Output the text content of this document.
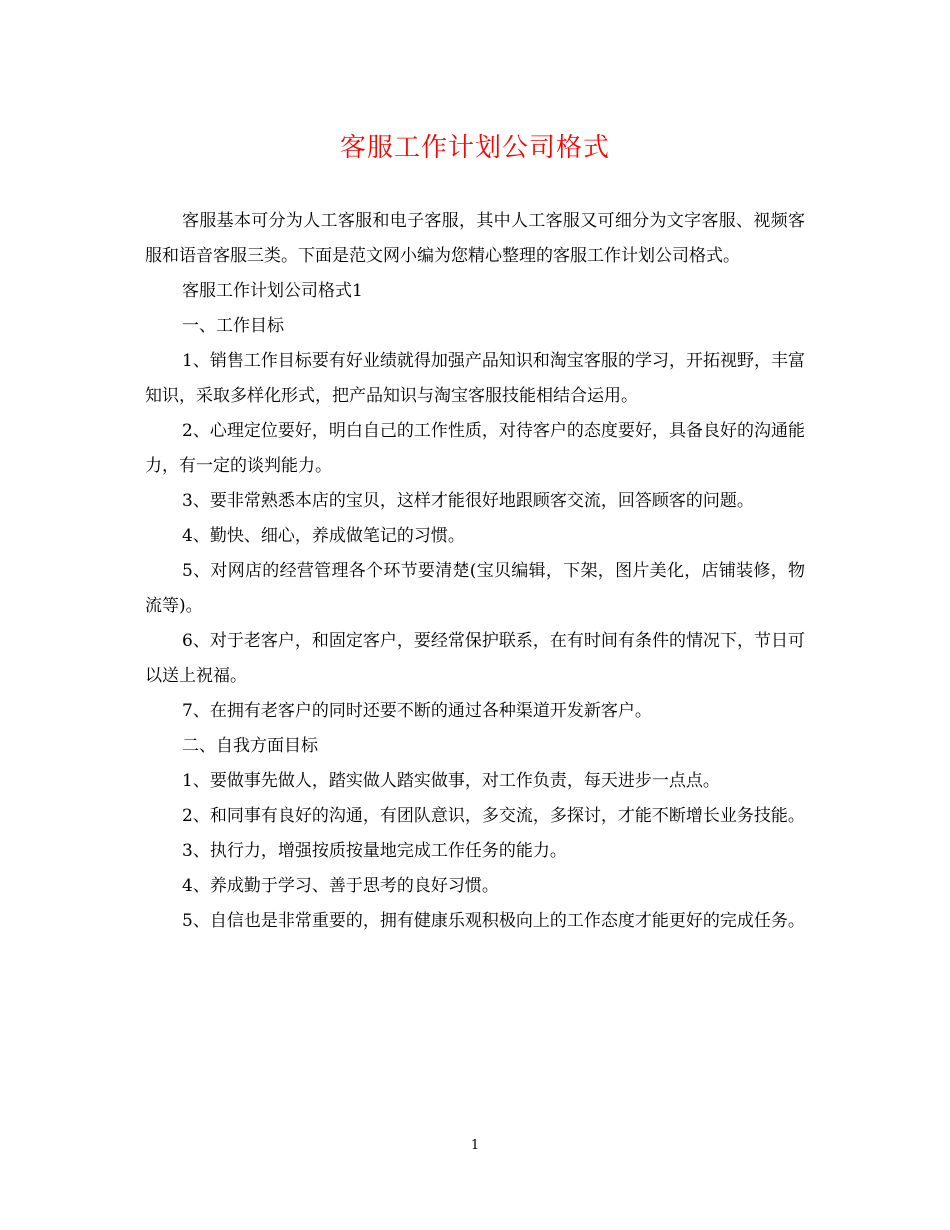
客服工作计划公司格式

客服基本可分为人工客服和电子客服，其中人工客服又可细分为文字客服、视频客服和语音客服三类。下面是范文网小编为您精心整理的客服工作计划公司格式。

客服工作计划公司格式1

一、工作目标

1、销售工作目标要有好业绩就得加强产品知识和淘宝客服的学习，开拓视野，丰富知识，采取多样化形式，把产品知识与淘宝客服技能相结合运用。

2、心理定位要好，明白自己的工作性质，对待客户的态度要好，具备良好的沟通能力，有一定的谈判能力。

3、要非常熟悉本店的宝贝，这样才能很好地跟顾客交流，回答顾客的问题。

4、勤快、细心，养成做笔记的习惯。

5、对网店的经营管理各个环节要清楚(宝贝编辑，下架，图片美化，店铺装修，物流等)。

6、对于老客户，和固定客户，要经常保护联系，在有时间有条件的情况下，节日可以送上祝福。

7、在拥有老客户的同时还要不断的通过各种渠道开发新客户。

二、自我方面目标

1、要做事先做人，踏实做人踏实做事，对工作负责，每天进步一点点。

2、和同事有良好的沟通，有团队意识，多交流，多探讨，才能不断增长业务技能。

3、执行力，增强按质按量地完成工作任务的能力。

4、养成勤于学习、善于思考的良好习惯。

5、自信也是非常重要的，拥有健康乐观积极向上的工作态度才能更好的完成任务。

1
